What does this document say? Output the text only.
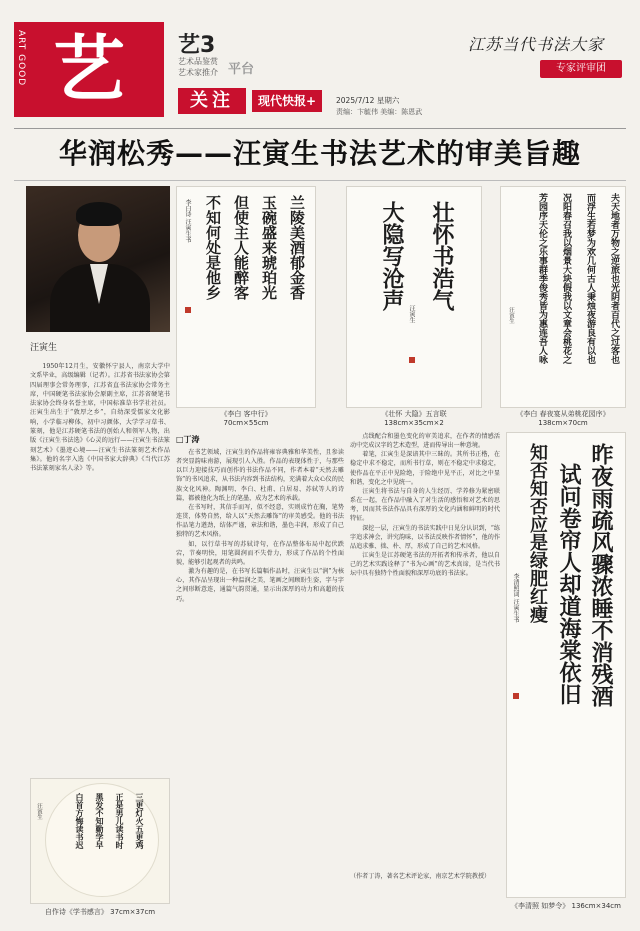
ART GOOD 艺	艺3
艺术品鉴赏 艺术家推介 平台
关注	现代快报+	2025/7/12 星期六
责编：卞毓伟 美编：陈恩武
江苏当代书法大家
专家评审团
华润松秀——汪寅生书法艺术的审美旨趣
汪寅生
1950年12月生，安徽怀宁县人，南京大学中文系毕业，高级编辑（记者）。江苏省书法家协会第四届理事会常务理事，江苏省直书法家协会常务主席，中国硬笔书法家协会原副主席，江苏省硬笔书法家协会终身名誉主席，中国标准草书学社社员。汪寅生出生于“敦厚之乡”，自幼深受儒家文化影响，小学临习柳体，初中习颜体，大学学习草书、篆刻，他是江苏硬笔书法的创始人和领军人物，出版《汪寅生书法选》《心灵的远行——汪寅生书法篆刻艺术》《墨迹心境——汪寅生书法篆刻艺术作品集》。他的名字入选《中国书家大辞典》《当代江苏书法篆刻家名人录》等。
兰陵美酒郁金香
玉碗盛来琥珀光
但使主人能醉客
不知何处是他乡
李白诗 汪寅生书
《李白 客中行》
70cm×55cm
大隐写沧声 壮怀书浩气
汪寅生
《壮怀 大隐》五言联
138cm×35cm×2
夫天地者万物之逆旅也光阴者百代之过客也
而浮生若梦为欢几何古人秉烛夜游良有以也
况阳春召我以烟景大块假我以文章会桃花之
芳园序天伦之乐事群季俊秀皆为惠连吾人咏
汪寅生
《李白 春夜宴从弟桃花园序》
138cm×70cm
□丁涛

在书艺领域，汪寅生的作品将雍容典雅和华美性，且参读者突显韵味南游，展现引人入胜。作品的表现体性于，与那些以巨力迎接技巧而创作的书法作品不同，作者本着“天然去雕饰”的书风追求，从书法内容到书法结构，充满着大众心仪的民族文化风神。陶渊明、李白、杜甫、白居易、苏轼等人的诗篇，都被他化为纸上的笔墨，成为艺术的承载。

在书写时，其信手而写，似不经意，实则成竹在胸，笔势连贯，体势自然，给人以“天然去雕饰”的审美感受。他的书法作品笔力遒劲，结体严谨，章法和谐，墨色丰润，形成了自己独特的艺术风格。

如，以行草书写的苏轼诗句，在作品整体布局中起伏跌宕，节奏明快，用笔圆润而不失骨力，形成了作品的个性面貌，能够引起观者的共鸣。

激为有趣的是，在书写长篇幅作品时，汪寅生以“润”为核心，其作品呈现出一种温润之美，笔画之间顾盼生姿，字与字之间形断意连，通篇气韵贯通，显示出深厚的功力和高超的技巧。

点线配合和墨色变化的审美追求，在作者的情感活动中完成汉字的艺术造型，进而传导出一种意境。

着笔，江寅生是深谙其中三昧的。其所书正楷，在稳定中求不稳定，而所书行草，则在不稳定中求稳定，使作品在平正中见险绝，于险绝中见平正，对比之中显和谐，变化之中见统一。

汪寅生将书法与自身的人生经历、学养修为紧密联系在一起，在作品中融入了对生活的感悟和对艺术的思考，因而其书法作品具有深厚的文化内涵和鲜明的时代特征。

深挖一层，汪寅生的书法实践中日见分认识到，“练字追求神会，讲究韵味，以书法反映作者情怀”，他的作品追求雅、拙、朴、厚，形成了自己的艺术风格。

江寅生是江苏硬笔书法的开拓者和传承者，他以自己的艺术实践诠释了“书为心画”的艺术真谛，是当代书坛中具有独特个性面貌和深厚功底的书法家。

（作者丁涛，著名艺术评论家，南京艺术学院教授）
三更灯火五更鸡
正是男儿读书时
黑发不知勤学早
白首方悔读书迟
汪寅生
自作诗《学书感言》 37cm×37cm
昨夜雨疏风骤浓睡不消残酒
试问卷帘人却道海棠依旧
知否知否应是绿肥红瘦
李清照词 汪寅生书
《李清照 如梦令》 136cm×34cm
